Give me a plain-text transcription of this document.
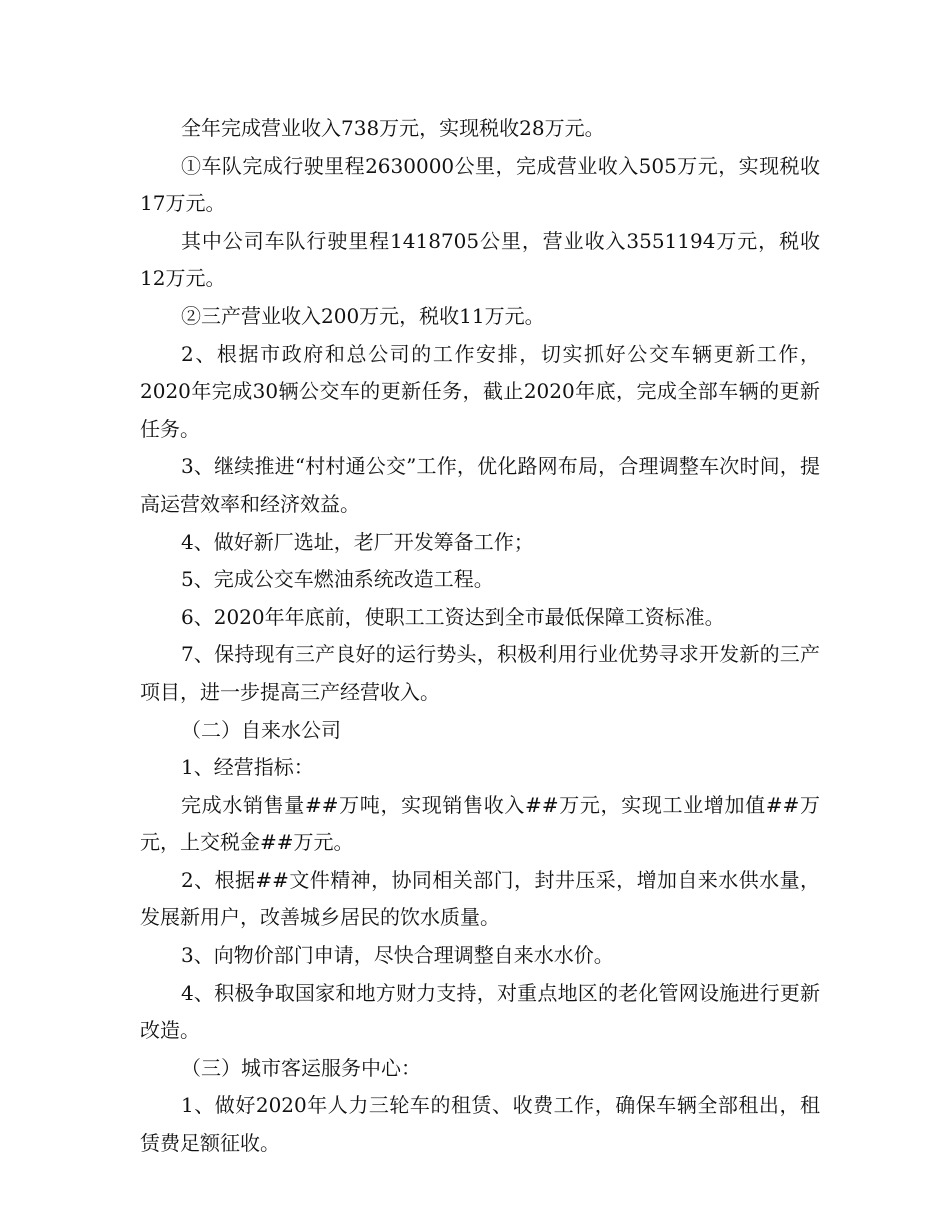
全年完成营业收入738万元，实现税收28万元。

①车队完成行驶里程2630000公里，完成营业收入505万元，实现税收17万元。

其中公司车队行驶里程1418705公里，营业收入3551194万元，税收12万元。

②三产营业收入200万元，税收11万元。

2、根据市政府和总公司的工作安排，切实抓好公交车辆更新工作，2020年完成30辆公交车的更新任务，截止2020年底，完成全部车辆的更新任务。

3、继续推进“村村通公交”工作，优化路网布局，合理调整车次时间，提高运营效率和经济效益。

4、做好新厂选址，老厂开发筹备工作；

5、完成公交车燃油系统改造工程。

6、2020年年底前，使职工工资达到全市最低保障工资标准。

7、保持现有三产良好的运行势头，积极利用行业优势寻求开发新的三产项目，进一步提高三产经营收入。

（二）自来水公司

1、经营指标：

完成水销售量##万吨，实现销售收入##万元，实现工业增加值##万元，上交税金##万元。

2、根据##文件精神，协同相关部门，封井压采，增加自来水供水量，发展新用户，改善城乡居民的饮水质量。

3、向物价部门申请，尽快合理调整自来水水价。

4、积极争取国家和地方财力支持，对重点地区的老化管网设施进行更新改造。

（三）城市客运服务中心：

1、做好2020年人力三轮车的租赁、收费工作，确保车辆全部租出，租赁费足额征收。
